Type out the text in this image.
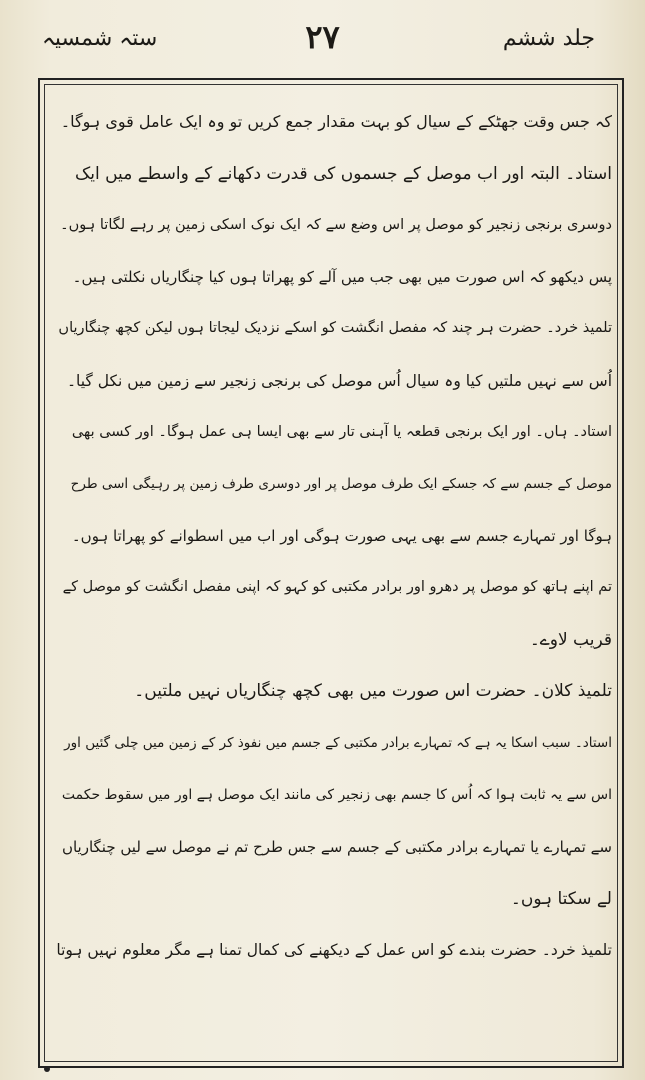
ستہ شمسیہ	۲۷	جلد ششم
کہ جس وقت جھٹکے کے سیال کو بہت مقدار جمع کریں تو وہ ایک عامل قوی ہوگا۔
استاد۔ البتہ اور اب موصل کے جسموں کی قدرت دکھانے کے واسطے میں ایک
دوسری برنجی زنجیر کو موصل پر اس وضع سے کہ ایک نوک اسکی زمین پر رہے لگاتا ہوں۔
پس دیکھو کہ اس صورت میں بھی جب میں آلے کو پھراتا ہوں کیا چنگاریاں نکلتی ہیں۔
تلمیذ خرد۔ حضرت ہر چند کہ مفصل انگشت کو اسکے نزدیک لیجاتا ہوں لیکن کچھ چنگاریاں
اُس سے نہیں ملتیں کیا وہ سیال اُس موصل کی برنجی زنجیر سے زمین میں نکل گیا۔
استاد۔ ہاں۔ اور ایک برنجی قطعہ یا آہنی تار سے بھی ایسا ہی عمل ہوگا۔ اور کسی بھی
موصل کے جسم سے کہ جسکے ایک طرف موصل پر اور دوسری طرف زمین پر رہیگی اسی طرح
ہوگا اور تمہارے جسم سے بھی یہی صورت ہوگی اور اب میں اسطوانے کو پھراتا ہوں۔
تم اپنے ہاتھ کو موصل پر دھرو اور برادر مکتبی کو کہو کہ اپنی مفصل انگشت کو موصل کے
قریب لاوے۔
تلمیذ کلان۔ حضرت اس صورت میں بھی کچھ چنگاریاں نہیں ملتیں۔
استاد۔ سبب اسکا یہ ہے کہ تمہارے برادر مکتبی کے جسم میں نفوذ کر کے زمین میں چلی گئیں اور
اس سے یہ ثابت ہوا کہ اُس کا جسم بھی زنجیر کی مانند ایک موصل ہے اور میں سقوط حکمت
سے تمہارے یا تمہارے برادر مکتبی کے جسم سے جس طرح تم نے موصل سے لیں چنگاریاں
لے سکتا ہوں۔
تلمیذ خرد۔ حضرت بندے کو اس عمل کے دیکھنے کی کمال تمنا ہے مگر معلوم نہیں ہوتا
